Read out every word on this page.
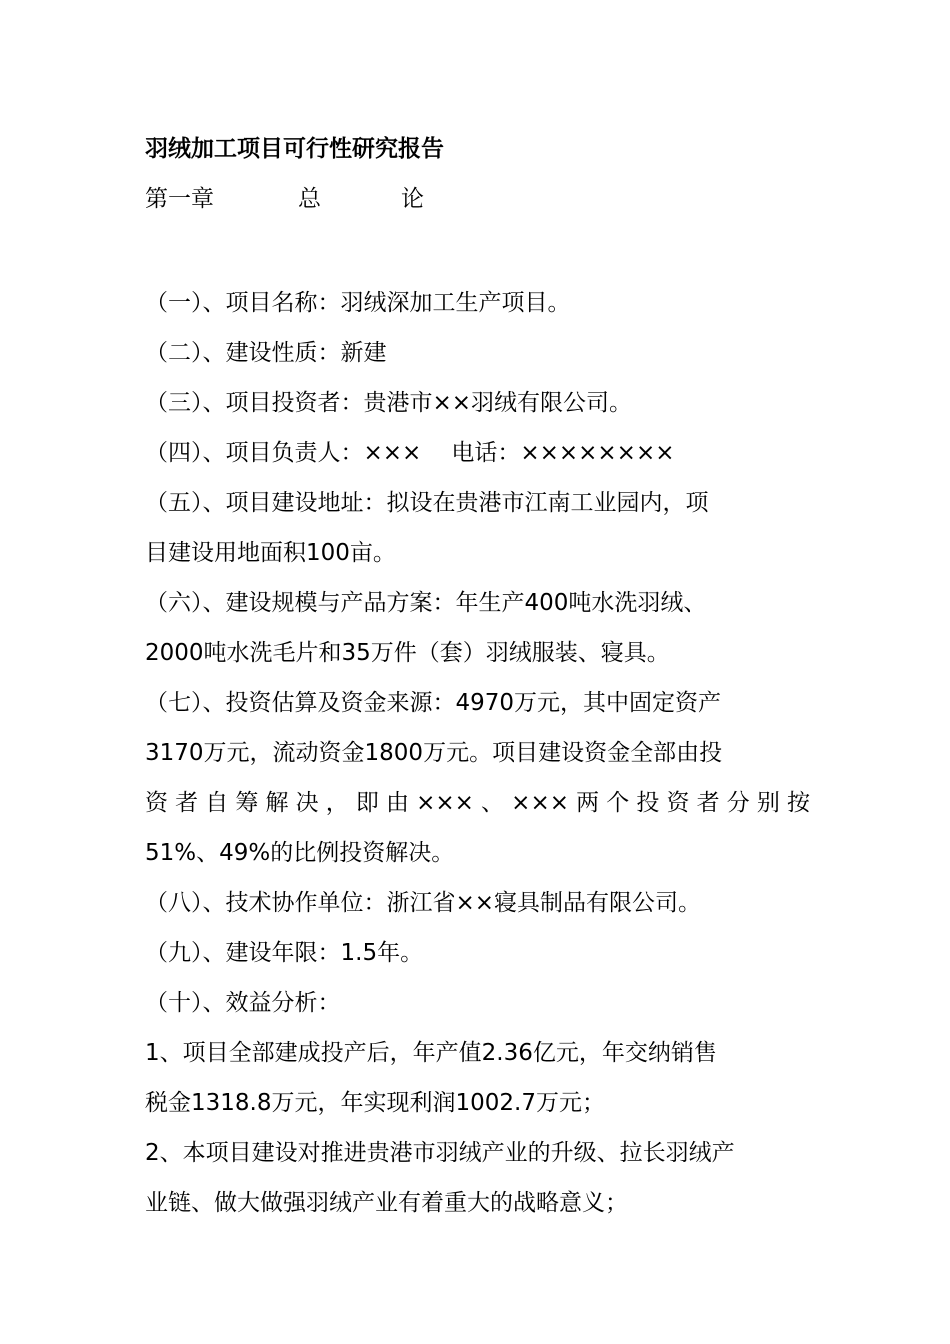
羽绒加工项目可行性研究报告
第一章	总	论
（一）、项目名称：羽绒深加工生产项目。
（二）、建设性质：新建
（三）、项目投资者：贵港市××羽绒有限公司。
（四）、项目负责人：××× 电话：××××××××
（五）、项目建设地址：拟设在贵港市江南工业园内，项
目建设用地面积100亩。
（六）、建设规模与产品方案：年生产400吨水洗羽绒、
2000吨水洗毛片和35万件（套）羽绒服装、寝具。
（七）、投资估算及资金来源：4970万元，其中固定资产
3170万元，流动资金1800万元。项目建设资金全部由投
资者自筹解决，即由×××、×××两个投资者分别按
51%、49%的比例投资解决。
（八）、技术协作单位：浙江省××寝具制品有限公司。
（九）、建设年限：1.5年。
（十）、效益分析：
1、项目全部建成投产后，年产值2.36亿元，年交纳销售
税金1318.8万元，年实现利润1002.7万元；
2、本项目建设对推进贵港市羽绒产业的升级、拉长羽绒产
业链、做大做强羽绒产业有着重大的战略意义；
